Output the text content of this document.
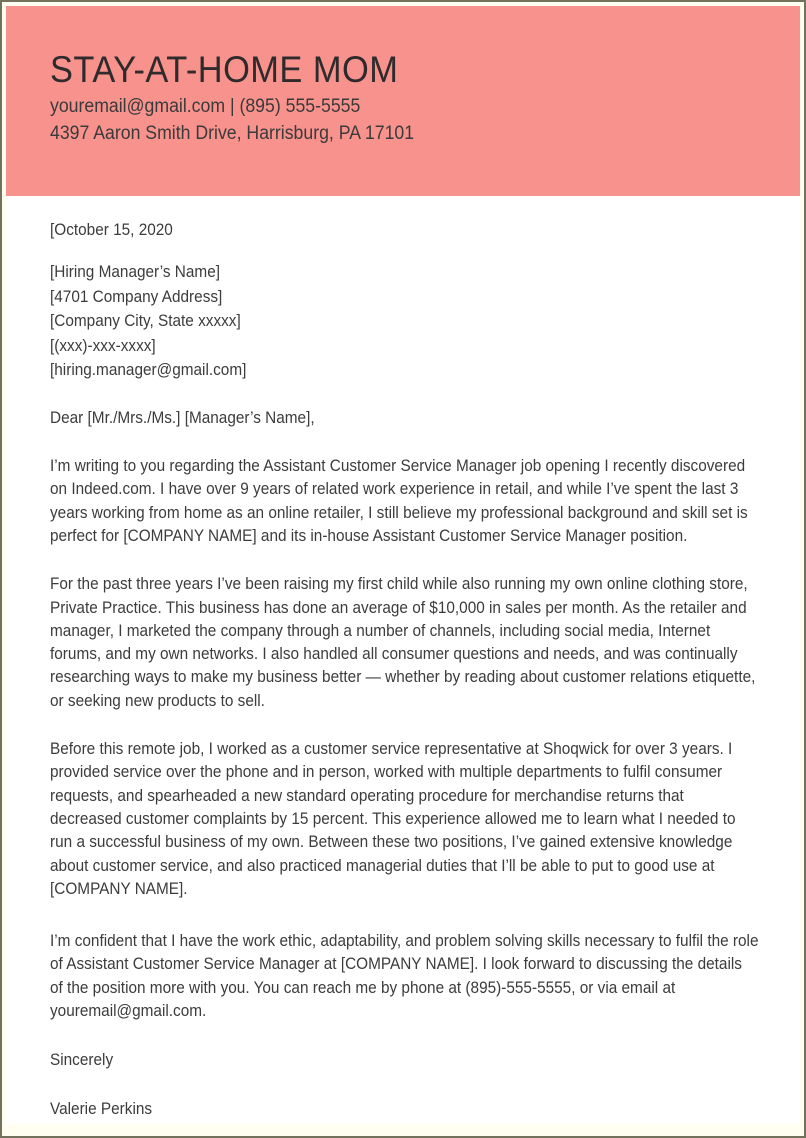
STAY-AT-HOME MOM
youremail@gmail.com | (895) 555-5555
4397 Aaron Smith Drive, Harrisburg, PA 17101
[October 15, 2020
[Hiring Manager’s Name]
[4701 Company Address]
[Company City, State xxxxx]
[(xxx)-xxx-xxxx]
[hiring.manager@gmail.com]
Dear [Mr./Mrs./Ms.] [Manager’s Name],
I’m writing to you regarding the Assistant Customer Service Manager job opening I recently discovered on Indeed.com. I have over 9 years of related work experience in retail, and while I’ve spent the last 3 years working from home as an online retailer, I still believe my professional background and skill set is perfect for [COMPANY NAME] and its in-house Assistant Customer Service Manager position.
For the past three years I’ve been raising my first child while also running my own online clothing store, Private Practice. This business has done an average of $10,000 in sales per month. As the retailer and manager, I marketed the company through a number of channels, including social media, Internet forums, and my own networks. I also handled all consumer questions and needs, and was continually researching ways to make my business better — whether by reading about customer relations etiquette, or seeking new products to sell.
Before this remote job, I worked as a customer service representative at Shoqwick for over 3 years. I provided service over the phone and in person, worked with multiple departments to fulfil consumer requests, and spearheaded a new standard operating procedure for merchandise returns that decreased customer complaints by 15 percent. This experience allowed me to learn what I needed to run a successful business of my own. Between these two positions, I’ve gained extensive knowledge about customer service, and also practiced managerial duties that I’ll be able to put to good use at [COMPANY NAME].
I’m confident that I have the work ethic, adaptability, and problem solving skills necessary to fulfil the role of Assistant Customer Service Manager at [COMPANY NAME]. I look forward to discussing the details of the position more with you. You can reach me by phone at (895)-555-5555, or via email at youremail@gmail.com.
Sincerely
Valerie Perkins
